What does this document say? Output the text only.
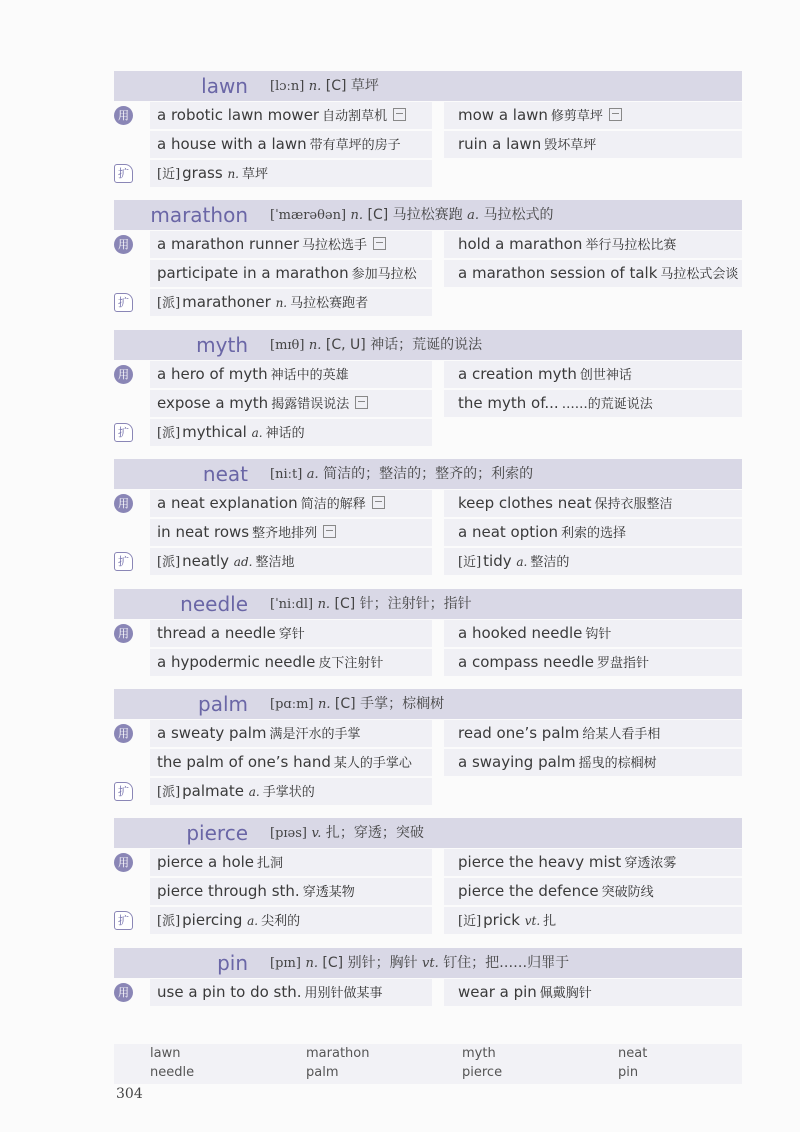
lawn [lɔːn] n. [C] 草坪
用	a robotic lawn mower 自动割草机	mow a lawn 修剪草坪
a house with a lawn 带有草坪的房子	ruin a lawn 毁坏草坪
扩	[近] grass n. 草坪
marathon [ˈmærəθən] n. [C] 马拉松赛跑 a. 马拉松式的
用	a marathon runner 马拉松选手	hold a marathon 举行马拉松比赛
participate in a marathon 参加马拉松	a marathon session of talk 马拉松式会谈
扩	[派] marathoner n. 马拉松赛跑者
myth [mɪθ] n. [C, U] 神话；荒诞的说法
用	a hero of myth 神话中的英雄	a creation myth 创世神话
expose a myth 揭露错误说法	the myth of... ……的荒诞说法
扩	[派] mythical a. 神话的
neat [niːt] a. 简洁的；整洁的；整齐的；利索的
用	a neat explanation 简洁的解释	keep clothes neat 保持衣服整洁
in neat rows 整齐地排列	a neat option 利索的选择
扩	[派] neatly ad. 整洁地	[近] tidy a. 整洁的
needle [ˈniːdl] n. [C] 针；注射针；指针
用	thread a needle 穿针	a hooked needle 钩针
a hypodermic needle 皮下注射针	a compass needle 罗盘指针
palm [pɑːm] n. [C] 手掌；棕榈树
用	a sweaty palm 满是汗水的手掌	read one’s palm 给某人看手相
the palm of one’s hand 某人的手掌心	a swaying palm 摇曳的棕榈树
扩	[派] palmate a. 手掌状的
pierce [pɪəs] v. 扎；穿透；突破
用	pierce a hole 扎洞	pierce the heavy mist 穿透浓雾
pierce through sth. 穿透某物	pierce the defence 突破防线
扩	[派] piercing a. 尖利的	[近] prick vt. 扎
pin [pɪn] n. [C] 别针；胸针 vt. 钉住；把……归罪于
用	use a pin to do sth. 用别针做某事	wear a pin 佩戴胸针
lawn	marathon	myth	neat
needle	palm	pierce	pin
304
